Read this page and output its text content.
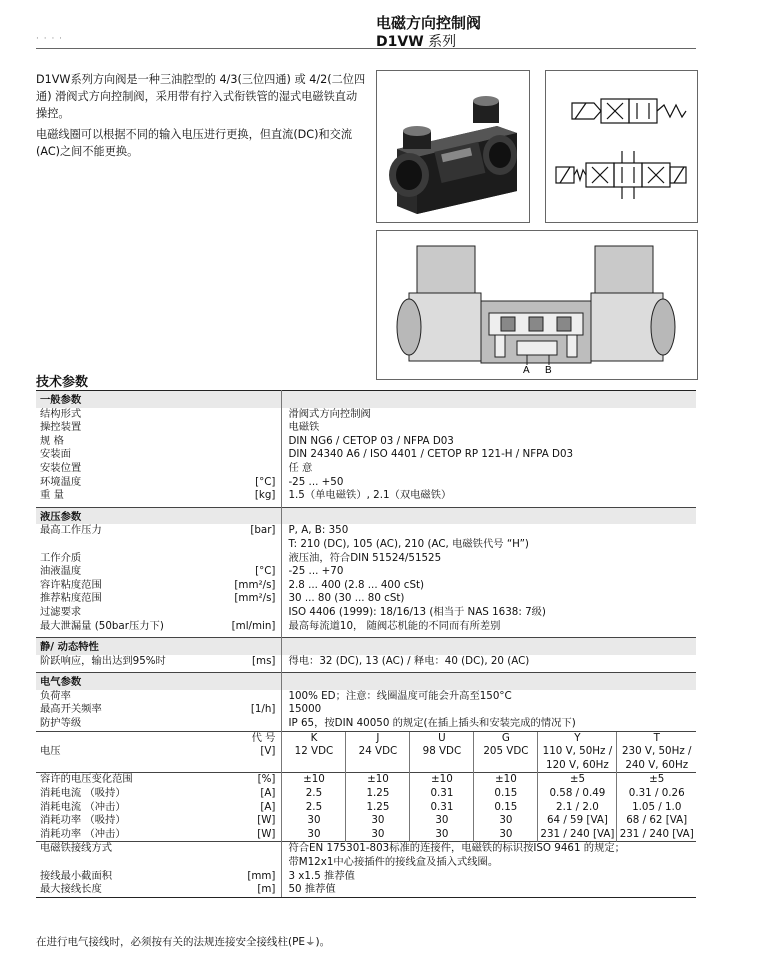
电磁方向控制阀
D1VW 系列
· · · ·

D1VW系列方向阀是一种三油腔型的 4/3(三位四通) 或 4/2(二位四通) 滑阀式方向控制阀，采用带有拧入式衔铁管的湿式电磁铁直动操控。

电磁线圈可以根据不同的输入电压进行更换，但直流(DC)和交流(AC)之间不能更换。

A B
技术参数
一般参数							
结构形式		滑阀式方向控制阀					
操控装置		电磁铁					
规 格		DIN NG6 / CETOP 03 / NFPA D03					
安装面		DIN 24340 A6 / ISO 4401 / CETOP RP 121-H / NFPA D03					
安装位置		任 意					
环境温度	[°C]	-25 ... +50					
重 量	[kg]	1.5（单电磁铁）, 2.1（双电磁铁）					

液压参数							
最高工作压力	[bar]	P, A, B: 350					
		T: 210 (DC), 105 (AC), 210 (AC, 电磁铁代号 “H”)					
工作介质		液压油，符合DIN 51524/51525					
油液温度	[°C]	-25 ... +70					
容许粘度范围	[mm²/s]	2.8 ... 400 (2.8 ... 400 cSt)					
推荐粘度范围	[mm²/s]	30 ... 80 (30 ... 80 cSt)					
过滤要求		ISO 4406 (1999): 18/16/13 (相当于 NAS 1638: 7级)					
最大泄漏量 (50bar压力下)	[ml/min]	最高每流道10， 随阀芯机能的不同而有所差别					

静/ 动态特性							
阶跃响应，输出达到95%时	[ms]	得电：32 (DC), 13 (AC) / 释电：40 (DC), 20 (AC)					

电气参数							
负荷率		100% ED；注意：线圈温度可能会升高至150°C					
最高开关频率	[1/h]	15000					
防护等级		IP 65，按DIN 40050 的规定(在插上插头和安装完成的情况下)					
	代 号	K	J	U	G	Y	T
电压	[V]	12 VDC	24 VDC	98 VDC	205 VDC	110 V, 50Hz /	230 V, 50Hz /
						120 V, 60Hz	240 V, 60Hz
容许的电压变化范围	[%]	±10	±10	±10	±10	±5	±5
消耗电流 （吸持）	[A]	2.5	1.25	0.31	0.15	0.58 / 0.49	0.31 / 0.26
消耗电流 （冲击）	[A]	2.5	1.25	0.31	0.15	2.1 / 2.0	1.05 / 1.0
消耗功率 （吸持）	[W]	30	30	30	30	64 / 59 [VA]	68 / 62 [VA]
消耗功率 （冲击）	[W]	30	30	30	30	231 / 240 [VA]	231 / 240 [VA]
电磁铁接线方式		符合EN 175301-803标准的连接件，电磁铁的标识按ISO 9461 的规定；					
		带M12x1中心接插件的接线盒及插入式线圈。					
接线最小截面积	[mm]	3 x1.5 推荐值					
最大接线长度	[m]	50 推荐值					
在进行电气接线时，必须按有关的法规连接安全接线柱(PE⏚)。
